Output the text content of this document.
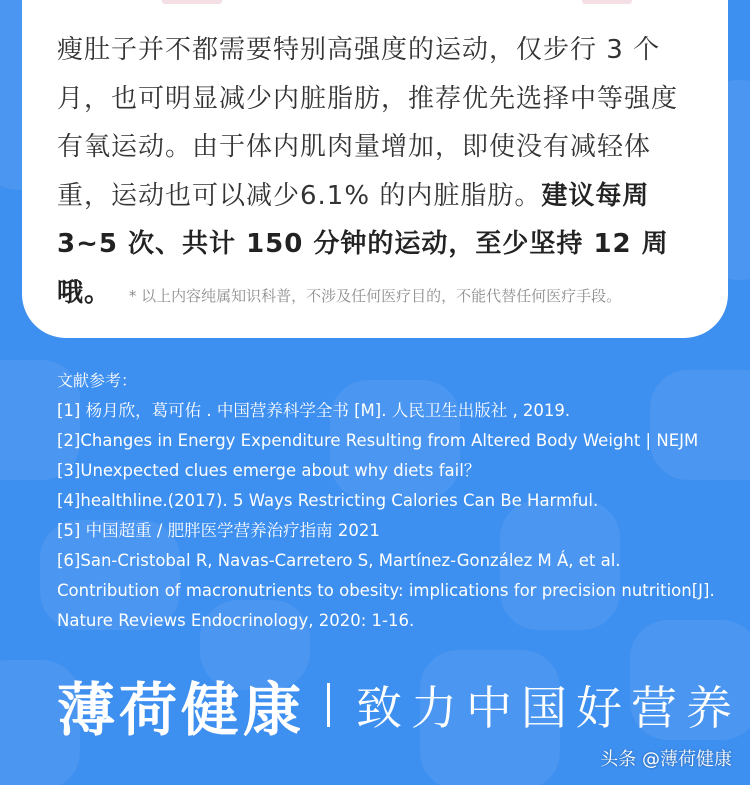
瘦肚子并不都需要特别高强度的运动，仅步行 3 个月，也可明显减少内脏脂肪，推荐优先选择中等强度有氧运动。由于体内肌肉量增加，即使没有减轻体重，运动也可以减少6.1% 的内脏脂肪。建议每周 3~5 次、共计 150 分钟的运动，至少坚持 12 周哦。	* 以上内容纯属知识科普，不涉及任何医疗目的，不能代替任何医疗手段。

文献参考：

[1] 杨月欣，葛可佑 . 中国营养科学全书 [M]. 人民卫生出版社 , 2019.

[2]Changes in Energy Expenditure Resulting from Altered Body Weight | NEJM

[3]Unexpected clues emerge about why diets fail？

[4]healthline.(2017). 5 Ways Restricting Calories Can Be Harmful.

[5] 中国超重 / 肥胖医学营养治疗指南 2021

[6]San-Cristobal R, Navas-Carretero S, Martínez-González M Á, et al. Contribution of macronutrients to obesity: implications for precision nutrition[J]. Nature Reviews Endocrinology, 2020: 1-16.

薄荷健康 致力中国好营养
头条 @薄荷健康
